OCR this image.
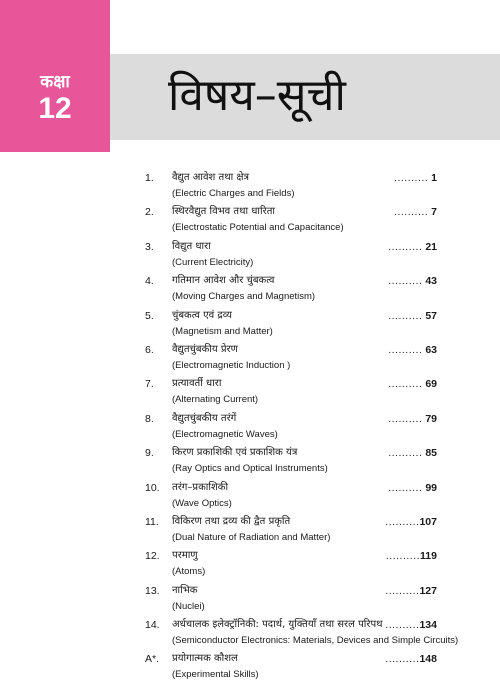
कक्षा
12	विषय–सूची
1. वैद्युत आवेश तथा क्षेत्र
(Electric Charges and Fields)
.......... 1
2. स्थिरवैद्युत विभव तथा धारिता
(Electrostatic Potential and Capacitance)
.......... 7
3. विद्युत धारा
(Current Electricity)
.......... 21
4. गतिमान आवेश और चुंबकत्व
(Moving Charges and Magnetism)
.......... 43
5. चुंबकत्व एवं द्रव्य
(Magnetism and Matter)
.......... 57
6. वैद्युतचुंबकीय प्रेरण
(Electromagnetic Induction )
.......... 63
7. प्रत्यावर्ती धारा
(Alternating Current)
.......... 69
8. वैद्युतचुंबकीय तरंगें
(Electromagnetic Waves)
.......... 79
9. किरण प्रकाशिकी एवं प्रकाशिक यंत्र
(Ray Optics and Optical Instruments)
.......... 85
10. तरंग–प्रकाशिकी
(Wave Optics)
.......... 99
11. विकिरण तथा द्रव्य की द्वैत प्रकृति
(Dual Nature of Radiation and Matter)
..........107
12. परमाणु
(Atoms)
..........119
13. नाभिक
(Nuclei)
..........127
14. अर्धचालक इलेक्ट्रॉनिकी: पदार्थ, युक्तियाँ तथा सरल परिपथ
(Semiconductor Electronics: Materials, Devices and Simple Circuits)
..........134
A*. प्रयोगात्मक कौशल
(Experimental Skills)
..........148
